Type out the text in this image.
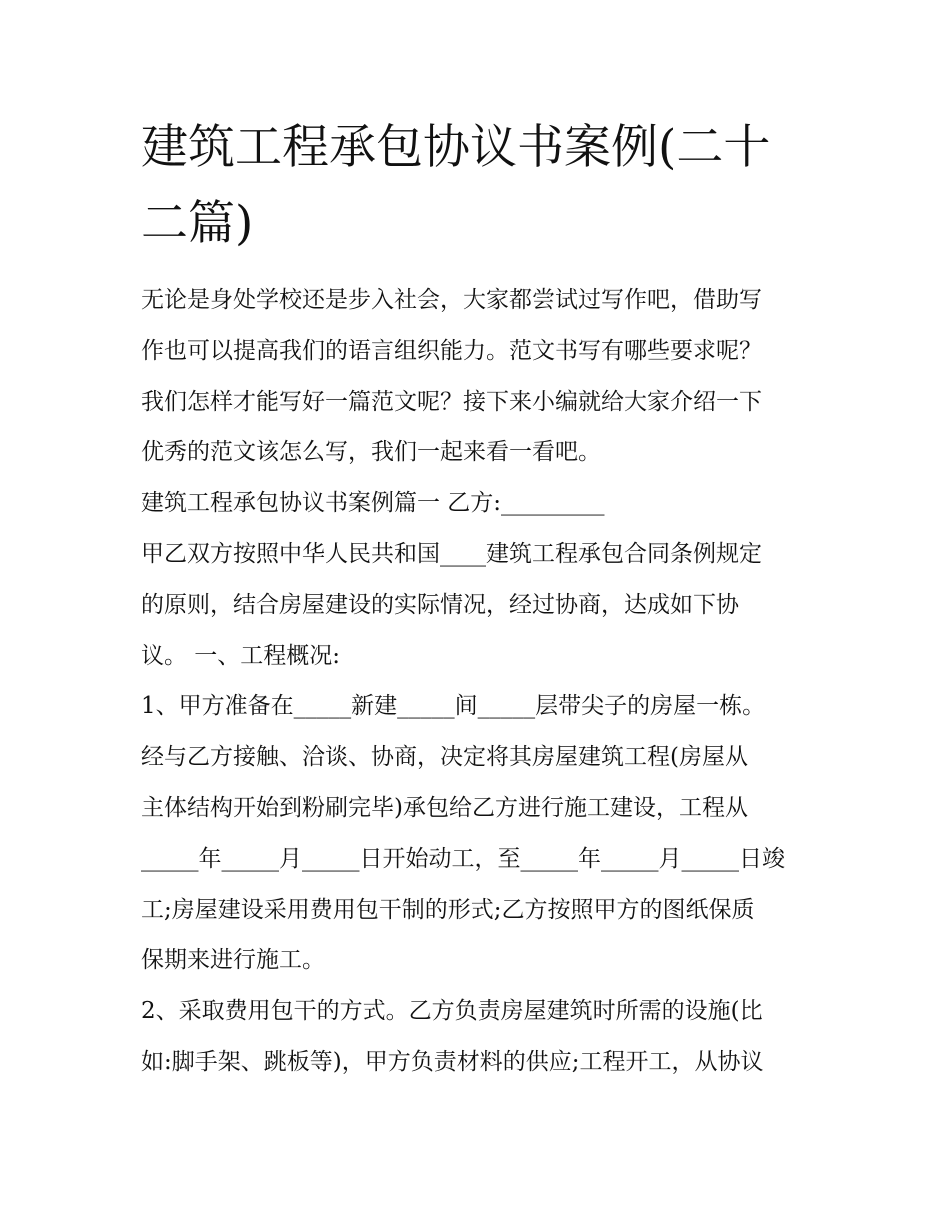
建筑工程承包协议书案例(二十
二篇)
无论是身处学校还是步入社会，大家都尝试过写作吧，借助写
作也可以提高我们的语言组织能力。范文书写有哪些要求呢？
我们怎样才能写好一篇范文呢？接下来小编就给大家介绍一下
优秀的范文该怎么写，我们一起来看一看吧。
建筑工程承包协议书案例篇一 乙方:_________
甲乙双方按照中华人民共和国____建筑工程承包合同条例规定
的原则，结合房屋建设的实际情况，经过协商，达成如下协
议。 一、工程概况:
1、甲方准备在_____新建_____间_____层带尖子的房屋一栋。
经与乙方接触、洽谈、协商，决定将其房屋建筑工程(房屋从
主体结构开始到粉刷完毕)承包给乙方进行施工建设，工程从
_____年_____月_____日开始动工，至_____年_____月_____日竣
工;房屋建设采用费用包干制的形式;乙方按照甲方的图纸保质
保期来进行施工。
2、采取费用包干的方式。乙方负责房屋建筑时所需的设施(比
如:脚手架、跳板等)，甲方负责材料的供应;工程开工，从协议
